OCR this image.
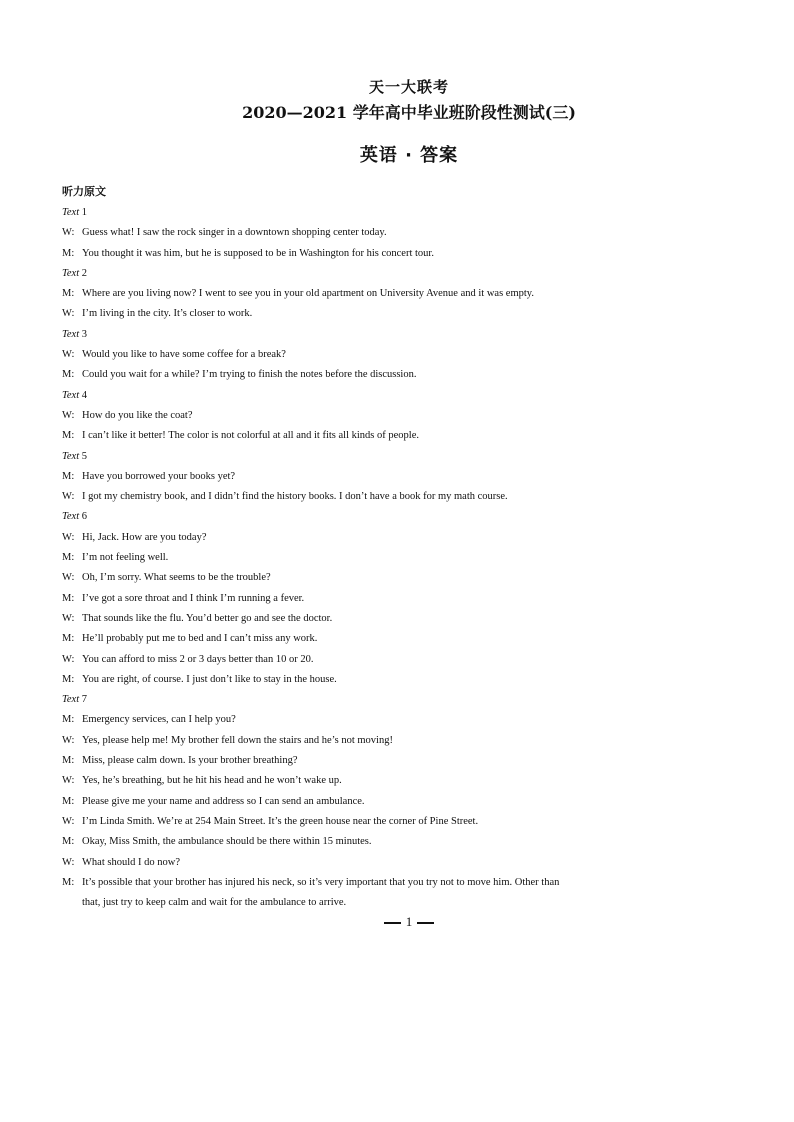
天一大联考
2020—2021 学年高中毕业班阶段性测试(三)
英语 · 答案
听力原文
Text 1
W: Guess what! I saw the rock singer in a downtown shopping center today.
M: You thought it was him, but he is supposed to be in Washington for his concert tour.
Text 2
M: Where are you living now? I went to see you in your old apartment on University Avenue and it was empty.
W: I’m living in the city. It’s closer to work.
Text 3
W: Would you like to have some coffee for a break?
M: Could you wait for a while? I’m trying to finish the notes before the discussion.
Text 4
W: How do you like the coat?
M: I can’t like it better! The color is not colorful at all and it fits all kinds of people.
Text 5
M: Have you borrowed your books yet?
W: I got my chemistry book, and I didn’t find the history books. I don’t have a book for my math course.
Text 6
W: Hi, Jack. How are you today?
M: I’m not feeling well.
W: Oh, I’m sorry. What seems to be the trouble?
M: I’ve got a sore throat and I think I’m running a fever.
W: That sounds like the flu. You’d better go and see the doctor.
M: He’ll probably put me to bed and I can’t miss any work.
W: You can afford to miss 2 or 3 days better than 10 or 20.
M: You are right, of course. I just don’t like to stay in the house.
Text 7
M: Emergency services, can I help you?
W: Yes, please help me! My brother fell down the stairs and he’s not moving!
M: Miss, please calm down. Is your brother breathing?
W: Yes, he’s breathing, but he hit his head and he won’t wake up.
M: Please give me your name and address so I can send an ambulance.
W: I’m Linda Smith. We’re at 254 Main Street. It’s the green house near the corner of Pine Street.
M: Okay, Miss Smith, the ambulance should be there within 15 minutes.
W: What should I do now?
M: It’s possible that your brother has injured his neck, so it’s very important that you try not to move him. Other than
that, just try to keep calm and wait for the ambulance to arrive.
1
